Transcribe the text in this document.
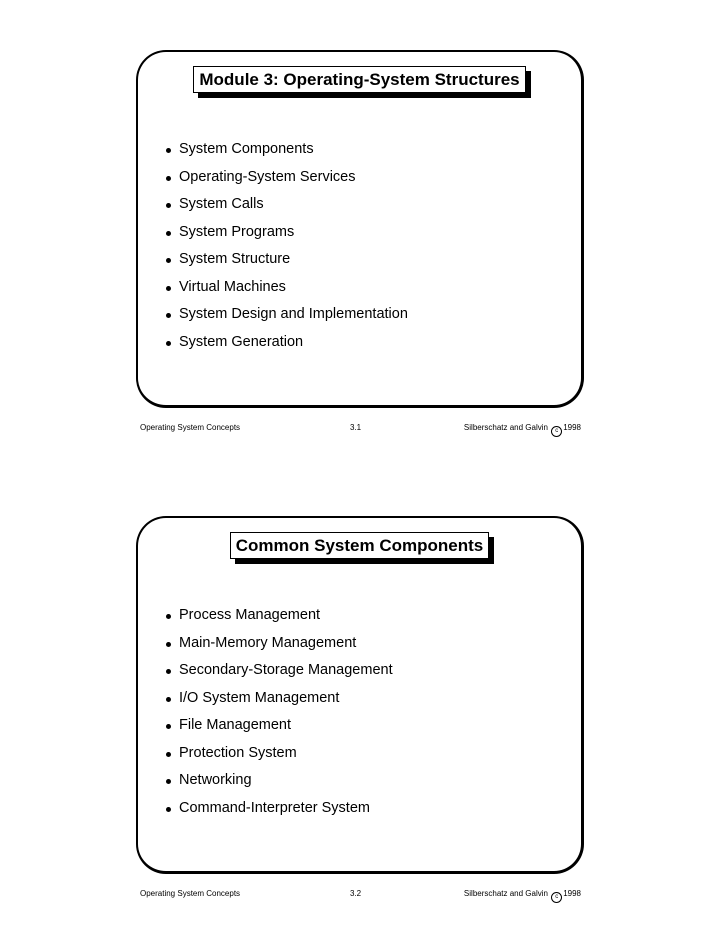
Module 3: Operating-System Structures
System Components
Operating-System Services
System Calls
System Programs
System Structure
Virtual Machines
System Design and Implementation
System Generation
Operating System Concepts	3.1	Silberschatz and Galvin c 1998
Common System Components
Process Management
Main-Memory Management
Secondary-Storage Management
I/O System Management
File Management
Protection System
Networking
Command-Interpreter System
Operating System Concepts	3.2	Silberschatz and Galvin c 1998
